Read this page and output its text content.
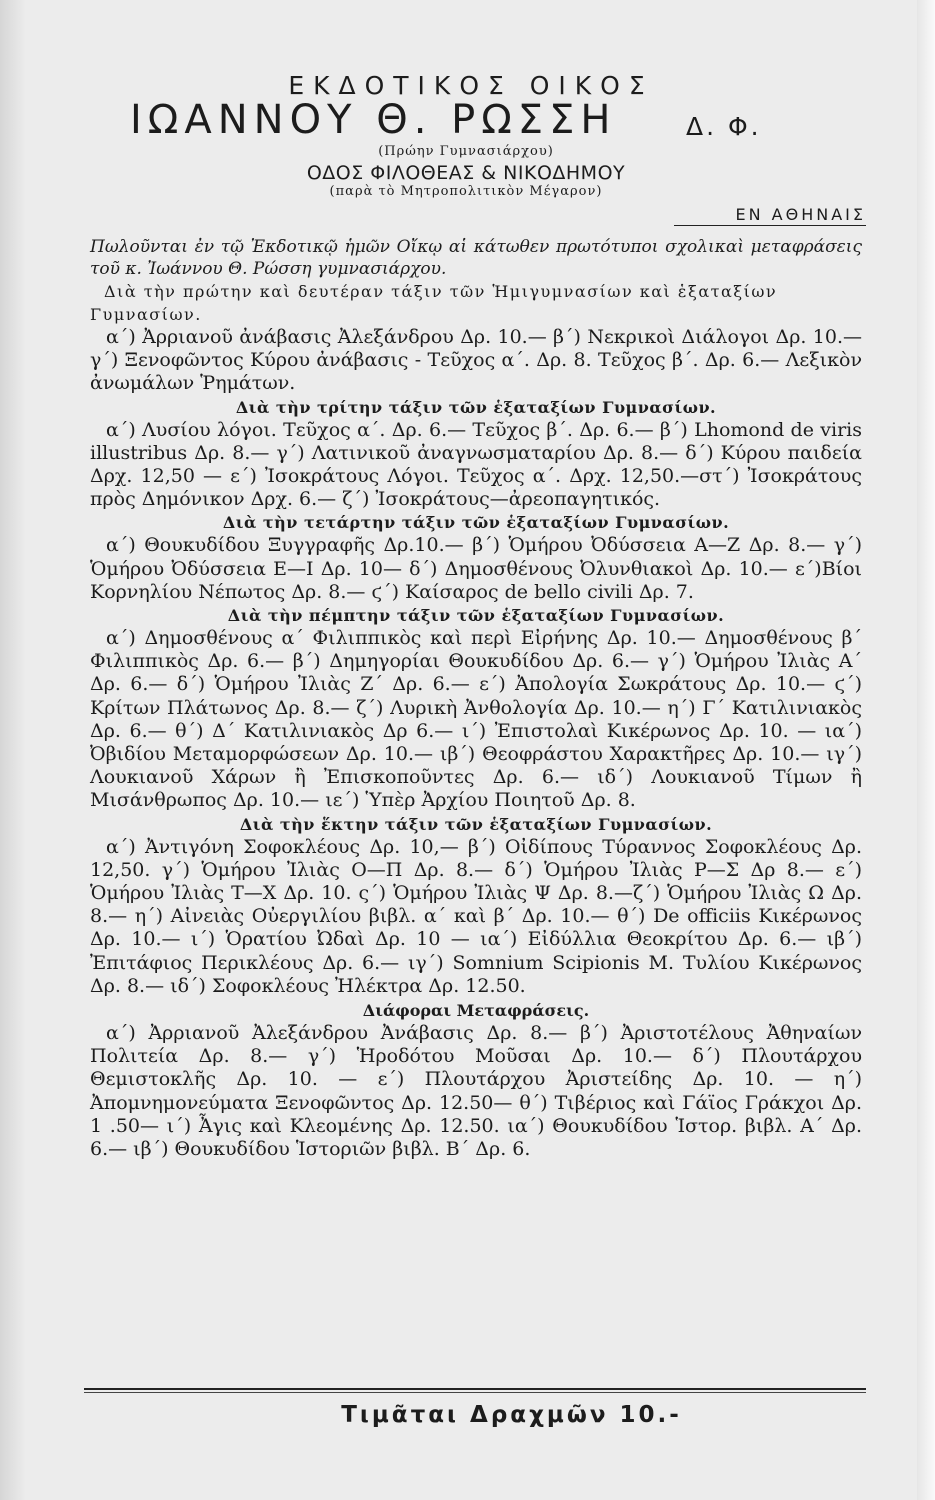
ΕΚΔΟΤΙΚΟΣ ΟΙΚΟΣ
ΙΩΑΝΝΟΥ Θ. ΡΩΣΣΗ	Δ. Φ.
(Πρώην Γυμνασιάρχου)
ΟΔΟΣ ΦΙΛΟΘΕΑΣ & ΝΙΚΟΔΗΜΟΥ
(παρὰ τὸ Μητροπολιτικὸν Μέγαρον)
ΕΝ ΑΘΗΝΑΙΣ
Πωλοῦνται ἐν τῷ Ἐκδοτικῷ ἡμῶν Οἴκῳ αἱ κάτωθεν πρωτότυποι σχολικαὶ μεταφράσεις τοῦ κ. Ἰωάννου Θ. Ρώσση γυμνασιάρχου.
Διὰ τὴν πρώτην καὶ δευτέραν τάξιν τῶν Ἡμιγυμνασίων καὶ ἑξαταξίων Γυμνασίων.
α΄) Ἀρριανοῦ ἀνάβασις Ἀλεξάνδρου Δρ. 10.— β΄) Νεκρικοὶ Διάλογοι Δρ. 10.— γ΄) Ξενοφῶντος Κύρου ἀνάβασις - Τεῦχος α΄. Δρ. 8. Τεῦχος β΄. Δρ. 6.— Λεξικὸν ἀνωμάλων Ῥημάτων.
Διὰ τὴν τρίτην τάξιν τῶν ἑξαταξίων Γυμνασίων.
α΄) Λυσίου λόγοι. Τεῦχος α΄. Δρ. 6.— Τεῦχος β΄. Δρ. 6.— β΄) Lhomond de viris illustribus Δρ. 8.— γ΄) Λατινικοῦ ἀναγνωσματαρίου Δρ. 8.— δ΄) Κύρου παιδεία Δρχ. 12,50 — ε΄) Ἰσοκράτους Λόγοι. Τεῦχος α΄. Δρχ. 12,50.—στ΄) Ἰσοκράτους πρὸς Δημόνικον Δρχ. 6.— ζ΄) Ἰσοκράτους—ἀρεοπαγητικός.
Διὰ τὴν τετάρτην τάξιν τῶν ἑξαταξίων Γυμνασίων.
α΄) Θουκυδίδου Ξυγγραφῆς Δρ.10.— β΄) Ὁμήρου Ὀδύσσεια Α—Ζ Δρ. 8.— γ΄) Ὁμήρου Ὀδύσσεια Ε—Ι Δρ. 10— δ΄) Δημοσθένους Ὀλυνθιακοὶ Δρ. 10.— ε΄)Βίοι Κορνηλίου Νέπωτος Δρ. 8.— ϛ΄) Καίσαρος de bello civili Δρ. 7.
Διὰ τὴν πέμπτην τάξιν τῶν ἑξαταξίων Γυμνασίων.
α΄) Δημοσθένους α΄ Φιλιππικὸς καὶ περὶ Εἰρήνης Δρ. 10.— Δημοσθένους β΄ Φιλιππικὸς Δρ. 6.— β΄) Δημηγορίαι Θουκυδίδου Δρ. 6.— γ΄) Ὁμήρου Ἰλιὰς Α΄ Δρ. 6.— δ΄) Ὁμήρου Ἰλιὰς Ζ΄ Δρ. 6.— ε΄) Ἀπολογία Σωκράτους Δρ. 10.— ϛ΄) Κρίτων Πλάτωνος Δρ. 8.— ζ΄) Λυρικὴ Ἀνθολογία Δρ. 10.— η΄) Γ΄ Κατιλινιακὸς Δρ. 6.— θ΄) Δ΄ Κατιλινιακὸς Δρ 6.— ι΄) Ἐπιστολαὶ Κικέρωνος Δρ. 10. — ια΄) Ὀβιδίου Μεταμορφώσεων Δρ. 10.— ιβ΄) Θεοφράστου Χαρακτῆρες Δρ. 10.— ιγ΄) Λουκιανοῦ Χάρων ἢ Ἐπισκοποῦντες Δρ. 6.— ιδ΄) Λουκιανοῦ Τίμων ἢ Μισάνθρωπος Δρ. 10.— ιε΄) Ὑπὲρ Ἀρχίου Ποιητοῦ Δρ. 8.
Διὰ τὴν ἕκτην τάξιν τῶν ἑξαταξίων Γυμνασίων.
α΄) Ἀντιγόνη Σοφοκλέους Δρ. 10,— β΄) Οἰδίπους Τύραννος Σοφοκλέους Δρ. 12,50. γ΄) Ὁμήρου Ἰλιὰς Ο—Π Δρ. 8.— δ΄) Ὁμήρου Ἰλιὰς Ρ—Σ Δρ 8.— ε΄) Ὁμήρου Ἰλιὰς Τ—Χ Δρ. 10. ς΄) Ὁμήρου Ἰλιὰς Ψ Δρ. 8.—ζ΄) Ὁμήρου Ἰλιὰς Ω Δρ. 8.— η΄) Αἰνειὰς Οὐεργιλίου βιβλ. α΄ καὶ β΄ Δρ. 10.— θ΄) De officiis Κικέρωνος Δρ. 10.— ι΄) Ὁρατίου Ὠδαὶ Δρ. 10 — ια΄) Εἰδύλλια Θεοκρίτου Δρ. 6.— ιβ΄) Ἐπιτάφιος Περικλέους Δρ. 6.— ιγ΄) Somnium Scipionis M. Τυλίου Κικέρωνος Δρ. 8.— ιδ΄) Σοφοκλέους Ἠλέκτρα Δρ. 12.50.
Διάφοραι Μεταφράσεις.
α΄) Ἀρριανοῦ Ἀλεξάνδρου Ἀνάβασις Δρ. 8.— β΄) Ἀριστοτέλους Ἀθηναίων Πολιτεία Δρ. 8.— γ΄) Ἡροδότου Μοῦσαι Δρ. 10.— δ΄) Πλουτάρχου Θεμιστοκλῆς Δρ. 10. — ε΄) Πλουτάρχου Ἀριστείδης Δρ. 10. — η΄) Ἀπομνημονεύματα Ξενοφῶντος Δρ. 12.50— θ΄) Τιβέριος καὶ Γάϊος Γράκχοι Δρ. 1 .50— ι΄) Ἆγις καὶ Κλεομένης Δρ. 12.50. ια΄) Θουκυδίδου Ἱστορ. βιβλ. Α΄ Δρ. 6.— ιβ΄) Θουκυδίδου Ἱστοριῶν βιβλ. Β΄ Δρ. 6.
Τιμᾶται Δραχμῶν 10.-
